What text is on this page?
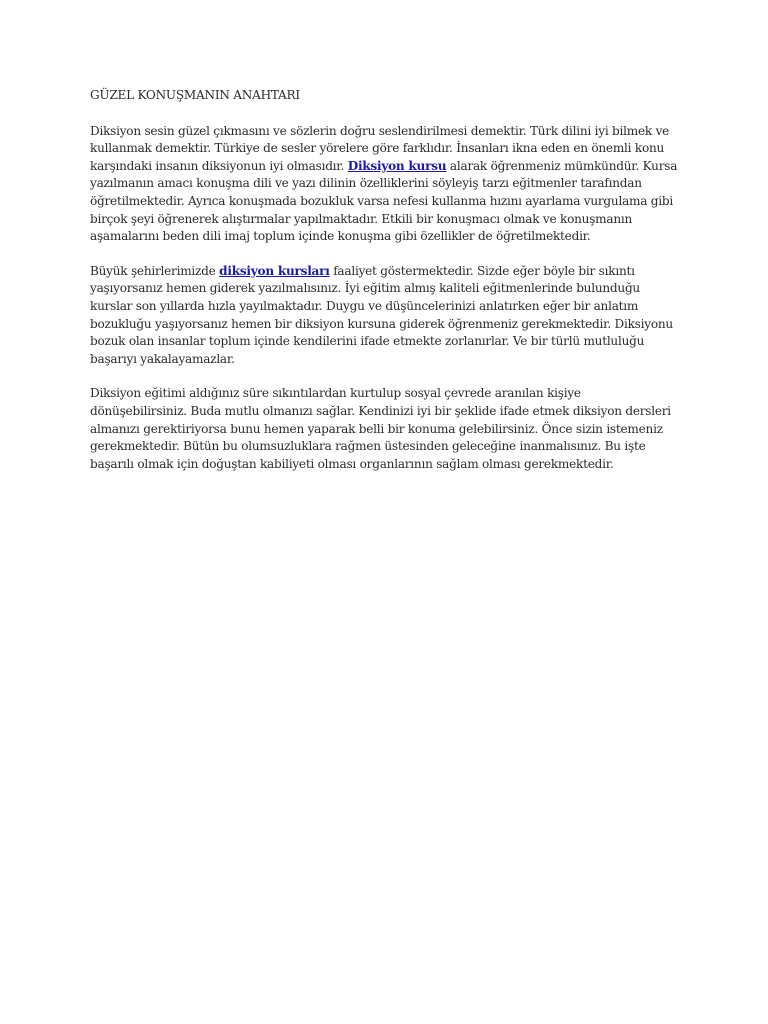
GÜZEL KONUŞMANIN ANAHTARI

Diksiyon sesin güzel çıkmasını ve sözlerin doğru seslendirilmesi demektir. Türk dilini iyi bilmek ve kullanmak demektir. Türkiye de sesler yörelere göre farklıdır. İnsanları ikna eden en önemli konu karşındaki insanın diksiyonun iyi olmasıdır. Diksiyon kursu alarak öğrenmeniz mümkündür. Kursa yazılmanın amacı konuşma dili ve yazı dilinin özelliklerini söyleyiş tarzı eğitmenler tarafından öğretilmektedir. Ayrıca konuşmada bozukluk varsa nefesi kullanma hızını ayarlama vurgulama gibi birçok şeyi öğrenerek alıştırmalar yapılmaktadır. Etkili bir konuşmacı olmak ve konuşmanın aşamalarını beden dili imaj toplum içinde konuşma gibi özellikler de öğretilmektedir.

Büyük şehirlerimizde diksiyon kursları faaliyet göstermektedir. Sizde eğer böyle bir sıkıntı yaşıyorsanız hemen giderek yazılmalısınız. İyi eğitim almış kaliteli eğitmenlerinde bulunduğu kurslar son yıllarda hızla yayılmaktadır. Duygu ve düşüncelerinizi anlatırken eğer bir anlatım bozukluğu yaşıyorsanız hemen bir diksiyon kursuna giderek öğrenmeniz gerekmektedir. Diksiyonu bozuk olan insanlar toplum içinde kendilerini ifade etmekte zorlanırlar. Ve bir türlü mutluluğu başarıyı yakalayamazlar.

Diksiyon eğitimi aldığınız süre sıkıntılardan kurtulup sosyal çevrede aranılan kişiye dönüşebilirsiniz. Buda mutlu olmanızı sağlar. Kendinizi iyi bir şeklide ifade etmek diksiyon dersleri almanızı gerektiriyorsa bunu hemen yaparak belli bir konuma gelebilirsiniz. Önce sizin istemeniz gerekmektedir. Bütün bu olumsuzluklara rağmen üstesinden geleceğine inanmalısınız. Bu işte başarılı olmak için doğuştan kabiliyeti olması organlarının sağlam olması gerekmektedir.
